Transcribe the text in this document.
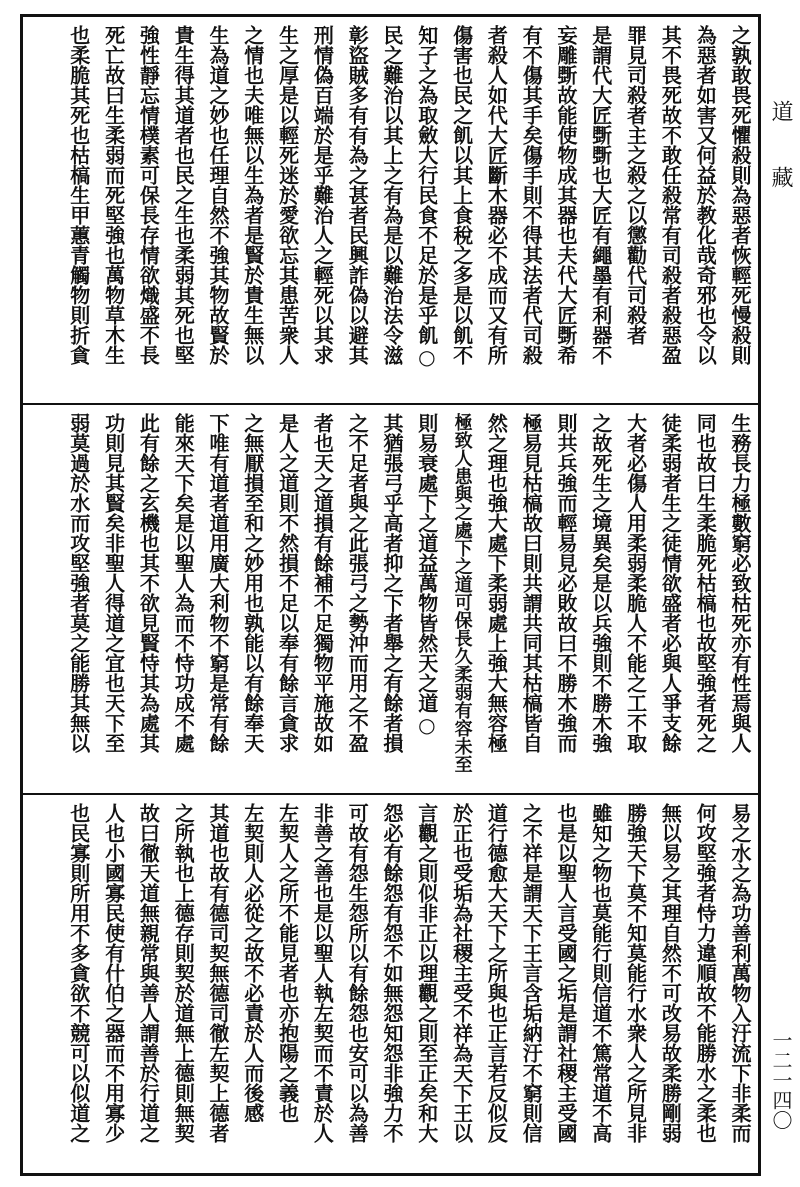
之孰敢畏死懼殺則為惡者恢輕死慢殺則
為惡者如害又何益於教化哉奇邪也令以
其不畏死故不敢任殺常有司殺者殺惡盈
罪見司殺者主之殺之以懲勸代司殺者
是謂代大匠斲斲也大匠有繩墨有利器不
妄雕斲故能使物成其器也夫代大匠斲希
有不傷其手矣傷手則不得其法者代司殺
者殺人如代大匠斷木器必不成而又有所
傷害也民之飢以其上食稅之多是以飢不
知子之為取斂大行民食不足於是乎飢○
民之難治以其上之有為是以難治法令滋
彰盜賊多有有為之甚者民興詐偽以避其
刑情偽百端於是乎難治人之輕死以其求
生之厚是以輕死迷於愛欲忘其患苦衆人
之情也夫唯無以生為者是賢於貴生無以
生為道之妙也任理自然不強其物故賢於
貴生得其道者也民之生也柔弱其死也堅
強性靜忘情樸素可保長存情欲熾盛不長
死亡故曰生柔弱而死堅強也萬物草木生
也柔脆其死也枯槁生甲蕙青觸物則折貪
生務長力極數窮必致枯死亦有性焉與人
同也故曰生柔脆死枯槁也故堅強者死之
徒柔弱者生之徒情欲盛者必與人爭支餘
大者必傷人用柔弱柔脆人不能之工不取
之故死生之境異矣是以兵強則不勝木強
則共兵強而輕易見必敗故曰不勝木強而
極易見枯槁故曰則共謂共同其枯槁皆自
然之理也強大處下柔弱處上強大無容極
極致人患與之處下之道可保長久柔弱有容未至
則易衰處下之道益萬物皆然天之道○
其猶張弓乎高者抑之下者舉之有餘者損
之不足者與之此張弓之勢沖而用之不盈
者也天之道損有餘補不足獨物平施故如
是人之道則不然損不足以奉有餘言貪求
之無厭損至和之妙用也孰能以有餘奉天
下唯有道者道用廣大利物不窮是常有餘
能來天下矣是以聖人為而不恃功成不處
此有餘之玄機也其不欲見賢恃其為處其
功則見其賢矣非聖人得道之宜也天下至
弱莫過於水而攻堅強者莫之能勝其無以
易之水之為功善利萬物入汙流下非柔而
何攻堅強者恃力違順故不能勝水之柔也
無以易之其理自然不可改易故柔勝剛弱
勝強天下莫不知莫能行水衆人之所見非
雖知之物也莫能行則信道不篤常道不高
也是以聖人言受國之垢是謂社稷主受國
之不祥是謂天下王言含垢納汙不窮則信
道行德愈大天下之所與也正言若反似反
於正也受垢為社稷主受不祥為天下王以
言觀之則似非正以理觀之則至正矣和大
怨必有餘怨有怨不如無怨知怨非強力不
可故有怨生怨所以有餘怨也安可以為善
非善之善也是以聖人執左契而不責於人
左契人之所不能見者也亦抱陽之義也
左契則人必從之故不必責於人而後感
其道也故有德司契無德司徹左契上德者
之所執也上德存則契於道無上德則無契
故曰徹天道無親常與善人謂善於行道之
人也小國寡民使有什伯之器而不用寡少
也民寡則所用不多貪欲不競可以似道之
道　　藏
一二一四〇
